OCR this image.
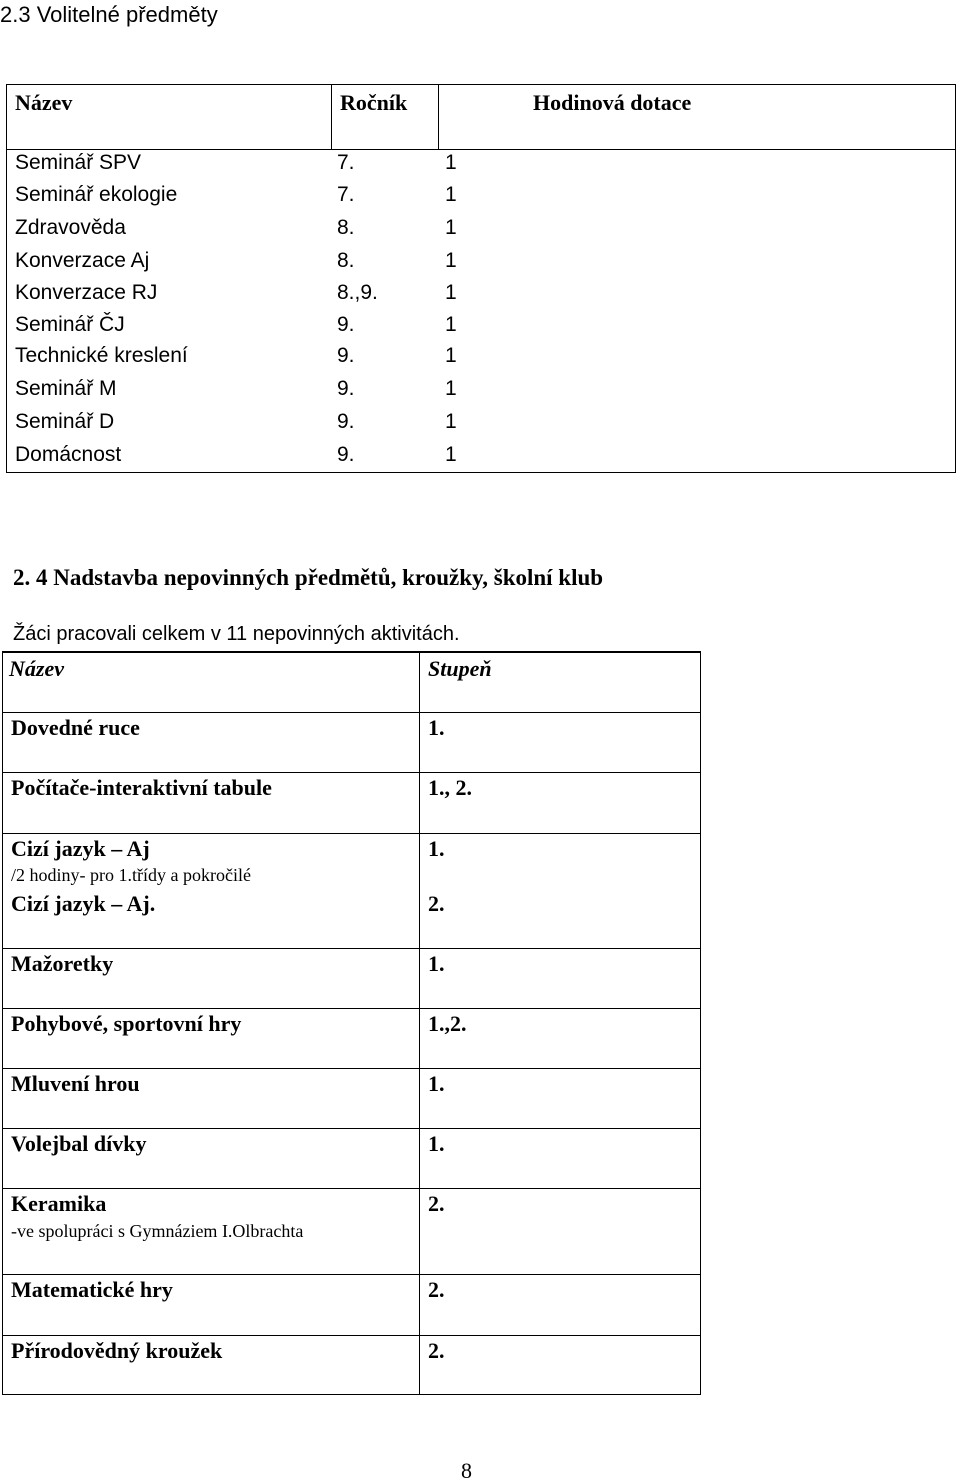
2.3 Volitelné předměty
Název	Ročník	Hodinová dotace
Seminář SPV	7.	1
Seminář ekologie	7.	1
Zdravověda	8.	1
Konverzace Aj	8.	1
Konverzace RJ	8.,9.	1
Seminář ČJ	9.	1
Technické kreslení	9.	1
Seminář M	9.	1
Seminář D	9.	1
Domácnost	9.	1
2. 4 Nadstavba nepovinných předmětů, kroužky, školní klub
Žáci pracovali celkem v 11 nepovinných aktivitách.
Název	Stupeň
Dovedné ruce	1.
Počítače-interaktivní tabule	1., 2.
Cizí jazyk – Aj	1.
/2 hodiny- pro 1.třídy a pokročilé
Cizí jazyk – Aj.	2.
Mažoretky	1.
Pohybové, sportovní hry	1.,2.
Mluvení hrou	1.
Volejbal dívky	1.
Keramika	2.
-ve spolupráci s Gymnáziem I.Olbrachta
Matematické hry	2.
Přírodovědný kroužek	2.
8
